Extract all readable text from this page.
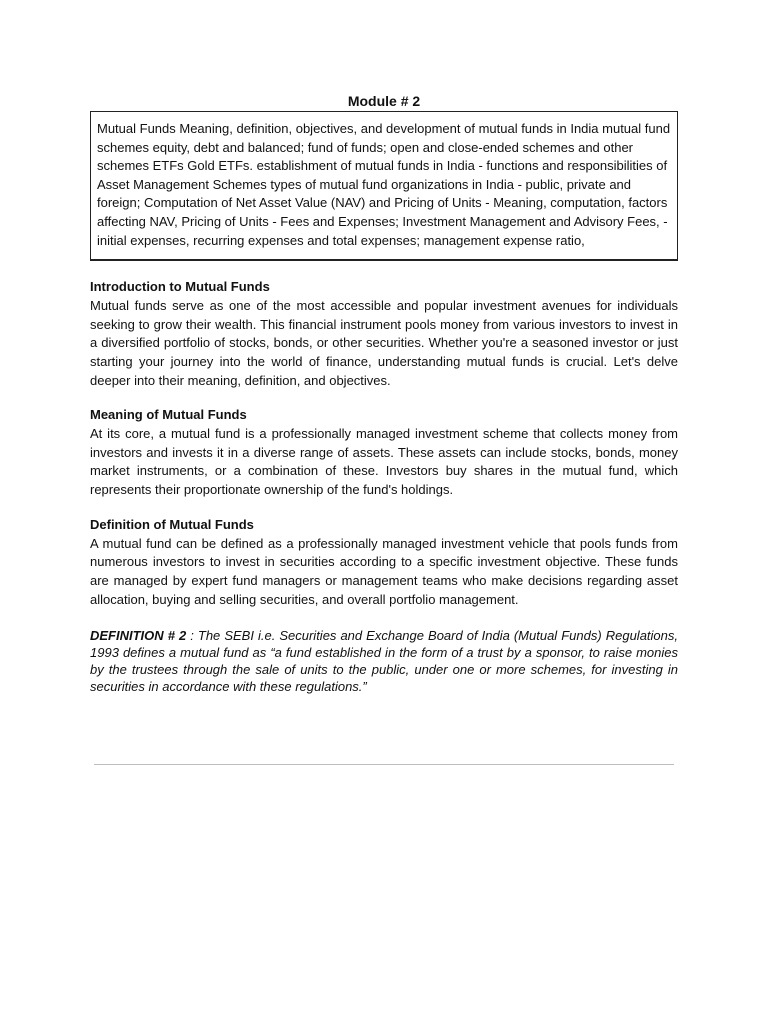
Module # 2
Mutual Funds Meaning, definition, objectives, and development of mutual funds in India mutual fund schemes equity, debt and balanced; fund of funds; open and close-ended schemes and other schemes ETFs Gold ETFs. establishment of mutual funds in India - functions and responsibilities of Asset Management Schemes types of mutual fund organizations in India - public, private and foreign; Computation of Net Asset Value (NAV) and Pricing of Units - Meaning, computation, factors affecting NAV, Pricing of Units - Fees and Expenses; Investment Management and Advisory Fees, -initial expenses, recurring expenses and total expenses; management expense ratio,
Introduction to Mutual Funds

Mutual funds serve as one of the most accessible and popular investment avenues for individuals seeking to grow their wealth. This financial instrument pools money from various investors to invest in a diversified portfolio of stocks, bonds, or other securities. Whether you're a seasoned investor or just starting your journey into the world of finance, understanding mutual funds is crucial. Let's delve deeper into their meaning, definition, and objectives.

Meaning of Mutual Funds

At its core, a mutual fund is a professionally managed investment scheme that collects money from investors and invests it in a diverse range of assets. These assets can include stocks, bonds, money market instruments, or a combination of these. Investors buy shares in the mutual fund, which represents their proportionate ownership of the fund's holdings.

Definition of Mutual Funds

A mutual fund can be defined as a professionally managed investment vehicle that pools funds from numerous investors to invest in securities according to a specific investment objective. These funds are managed by expert fund managers or management teams who make decisions regarding asset allocation, buying and selling securities, and overall portfolio management.

DEFINITION # 2 : The SEBI i.e. Securities and Exchange Board of India (Mutual Funds) Regulations, 1993 defines a mutual fund as “a fund established in the form of a trust by a sponsor, to raise monies by the trustees through the sale of units to the public, under one or more schemes, for investing in securities in accordance with these regulations.”
